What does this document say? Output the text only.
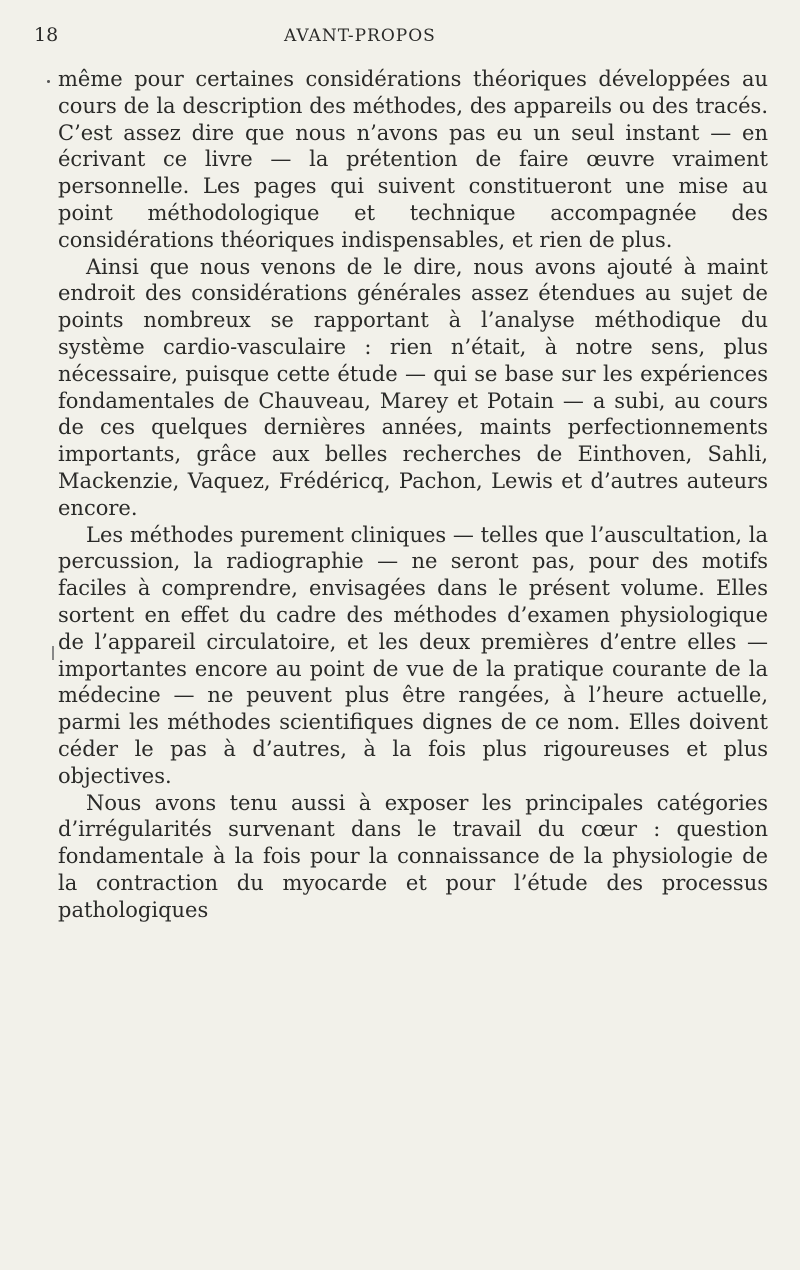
18	AVANT-PROPOS

même pour certaines considérations théoriques développées au cours de la description des méthodes, des appareils ou des tracés. C’est assez dire que nous n’avons pas eu un seul instant — en écrivant ce livre — la prétention de faire œuvre vraiment personnelle. Les pages qui suivent constitueront une mise au point méthodologique et technique accompagnée des considérations théoriques indispensables, et rien de plus.

Ainsi que nous venons de le dire, nous avons ajouté à maint endroit des considérations générales assez étendues au sujet de points nombreux se rapportant à l’analyse méthodique du système cardio-vasculaire : rien n’était, à notre sens, plus nécessaire, puisque cette étude — qui se base sur les expériences fondamentales de Chauveau, Marey et Potain — a subi, au cours de ces quelques dernières années, maints perfectionnements importants, grâce aux belles recherches de Einthoven, Sahli, Mackenzie, Vaquez, Frédéricq, Pachon, Lewis et d’autres auteurs encore.

Les méthodes purement cliniques — telles que l’auscultation, la percussion, la radiographie — ne seront pas, pour des motifs faciles à comprendre, envisagées dans le présent volume. Elles sortent en effet du cadre des méthodes d’examen physiologique de l’appareil circulatoire, et les deux premières d’entre elles — importantes encore au point de vue de la pratique courante de la médecine — ne peuvent plus être rangées, à l’heure actuelle, parmi les méthodes scientifiques dignes de ce nom. Elles doivent céder le pas à d’autres, à la fois plus rigoureuses et plus objectives.

Nous avons tenu aussi à exposer les principales catégories d’irrégularités survenant dans le travail du cœur : question fondamentale à la fois pour la connaissance de la physiologie de la contraction du myocarde et pour l’étude des processus pathologiques
